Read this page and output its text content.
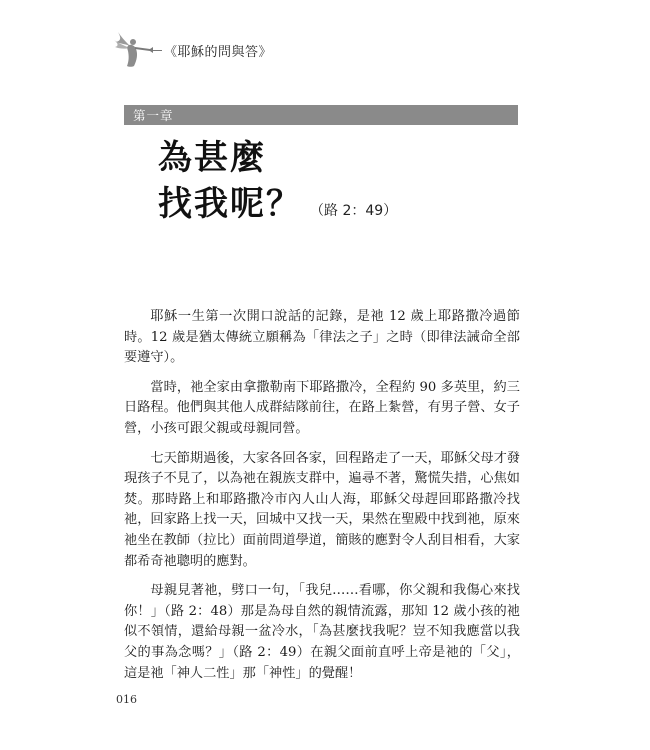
《耶穌的問與答》
第一章
為甚麼
找我呢？ （路 2：49）

耶穌一生第一次開口說話的記錄，是祂 12 歲上耶路撒冷過節時。12 歲是猶太傳統立願稱為「律法之子」之時（即律法誡命全部要遵守）。

當時，祂全家由拿撒勒南下耶路撒冷，全程約 90 多英里，約三日路程。他們與其他人成群結隊前往，在路上紮營，有男子營、女子營，小孩可跟父親或母親同營。

七天節期過後，大家各回各家，回程路走了一天，耶穌父母才發現孩子不見了，以為祂在親族支群中，遍尋不著，驚慌失措，心焦如焚。那時路上和耶路撒冷市內人山人海，耶穌父母趕回耶路撒冷找祂，回家路上找一天，回城中又找一天，果然在聖殿中找到祂，原來祂坐在教師（拉比）面前問道學道，簡賅的應對令人刮目相看，大家都希奇祂聰明的應對。

母親見著祂，劈口一句，「我兒……看哪，你父親和我傷心來找你！」（路 2：48）那是為母自然的親情流露，那知 12 歲小孩的祂似不領情，還給母親一盆冷水，「為甚麼找我呢？豈不知我應當以我父的事為念嗎？」（路 2：49）在親父面前直呼上帝是祂的「父」，這是祂「神人二性」那「神性」的覺醒！

016
